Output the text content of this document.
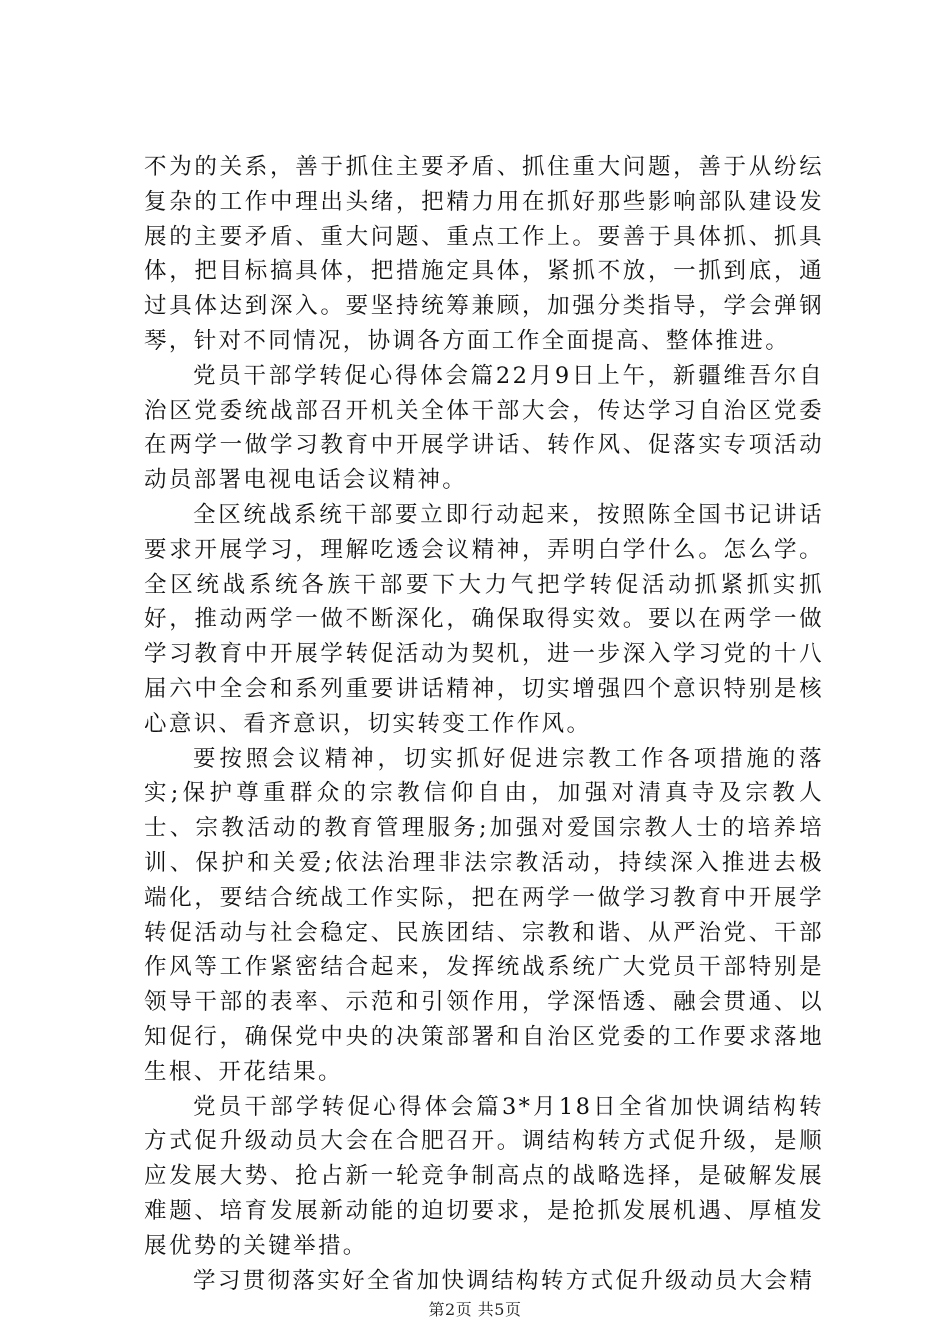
不为的关系，善于抓住主要矛盾、抓住重大问题，善于从纷纭复杂的工作中理出头绪，把精力用在抓好那些影响部队建设发展的主要矛盾、重大问题、重点工作上。要善于具体抓、抓具体，把目标搞具体，把措施定具体，紧抓不放，一抓到底，通过具体达到深入。要坚持统筹兼顾，加强分类指导，学会弹钢琴，针对不同情况，协调各方面工作全面提高、整体推进。

党员干部学转促心得体会篇22月9日上午，新疆维吾尔自治区党委统战部召开机关全体干部大会，传达学习自治区党委在两学一做学习教育中开展学讲话、转作风、促落实专项活动动员部署电视电话会议精神。

全区统战系统干部要立即行动起来，按照陈全国书记讲话要求开展学习，理解吃透会议精神，弄明白学什么。怎么学。全区统战系统各族干部要下大力气把学转促活动抓紧抓实抓好，推动两学一做不断深化，确保取得实效。要以在两学一做学习教育中开展学转促活动为契机，进一步深入学习党的十八届六中全会和系列重要讲话精神，切实增强四个意识特别是核心意识、看齐意识，切实转变工作作风。

要按照会议精神，切实抓好促进宗教工作各项措施的落实;保护尊重群众的宗教信仰自由，加强对清真寺及宗教人士、宗教活动的教育管理服务;加强对爱国宗教人士的培养培训、保护和关爱;依法治理非法宗教活动，持续深入推进去极端化，要结合统战工作实际，把在两学一做学习教育中开展学转促活动与社会稳定、民族团结、宗教和谐、从严治党、干部作风等工作紧密结合起来，发挥统战系统广大党员干部特别是领导干部的表率、示范和引领作用，学深悟透、融会贯通、以知促行，确保党中央的决策部署和自治区党委的工作要求落地生根、开花结果。

党员干部学转促心得体会篇3*月18日全省加快调结构转方式促升级动员大会在合肥召开。调结构转方式促升级，是顺应发展大势、抢占新一轮竞争制高点的战略选择，是破解发展难题、培育发展新动能的迫切要求，是抢抓发展机遇、厚植发展优势的关键举措。

学习贯彻落实好全省加快调结构转方式促升级动员大会精

第2页 共5页
